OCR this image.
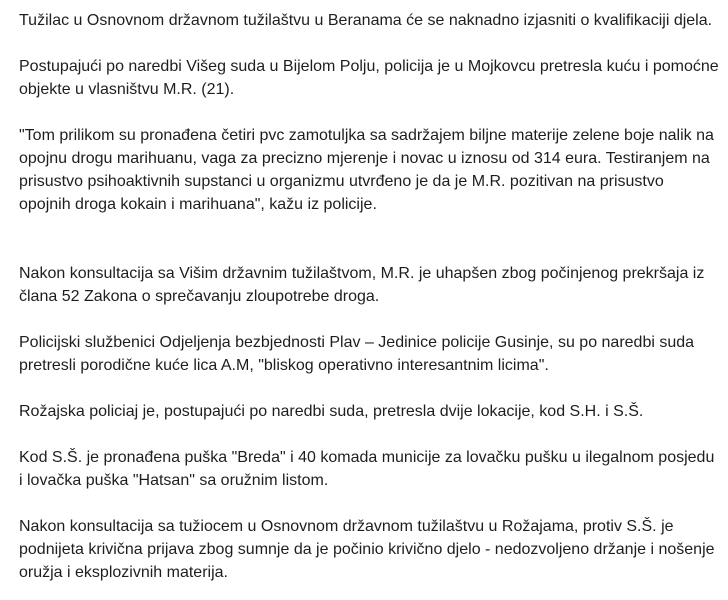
Tužilac u Osnovnom državnom tužilaštvu u Beranama će se naknadno izjasniti o kvalifikaciji djela.

Postupajući po naredbi Višeg suda u Bijelom Polju, policija je u Mojkovcu pretresla kuću i pomoćne objekte u vlasništvu M.R. (21).

"Tom prilikom su pronađena četiri pvc zamotuljka sa sadržajem biljne materije zelene boje nalik na opojnu drogu marihuanu, vaga za precizno mjerenje i novac u iznosu od 314 eura. Testiranjem na prisustvo psihoaktivnih supstanci u organizmu utvrđeno je da je M.R. pozitivan na prisustvo opojnih droga kokain i marihuana", kažu iz policije.

Nakon konsultacija sa Višim državnim tužilaštvom, M.R. je uhapšen zbog počinjenog prekršaja iz člana 52 Zakona o sprečavanju zloupotrebe droga.

Policijski službenici Odjeljenja bezbjednosti Plav – Jedinice policije Gusinje, su po naredbi suda pretresli porodične kuće lica A.M, "bliskog operativno interesantnim licima".

Rožajska policiaj je, postupajući po naredbi suda, pretresla dvije lokacije, kod S.H. i S.Š.

Kod S.Š. je pronađena puška "Breda" i 40 komada municije za lovačku pušku u ilegalnom posjedu i lovačka puška "Hatsan" sa oružnim listom.

Nakon konsultacija sa tužiocem u Osnovnom državnom tužilaštvu u Rožajama, protiv S.Š. je podnijeta krivična prijava zbog sumnje da je počinio krivično djelo - nedozvoljeno držanje i nošenje oružja i eksplozivnih materija.
